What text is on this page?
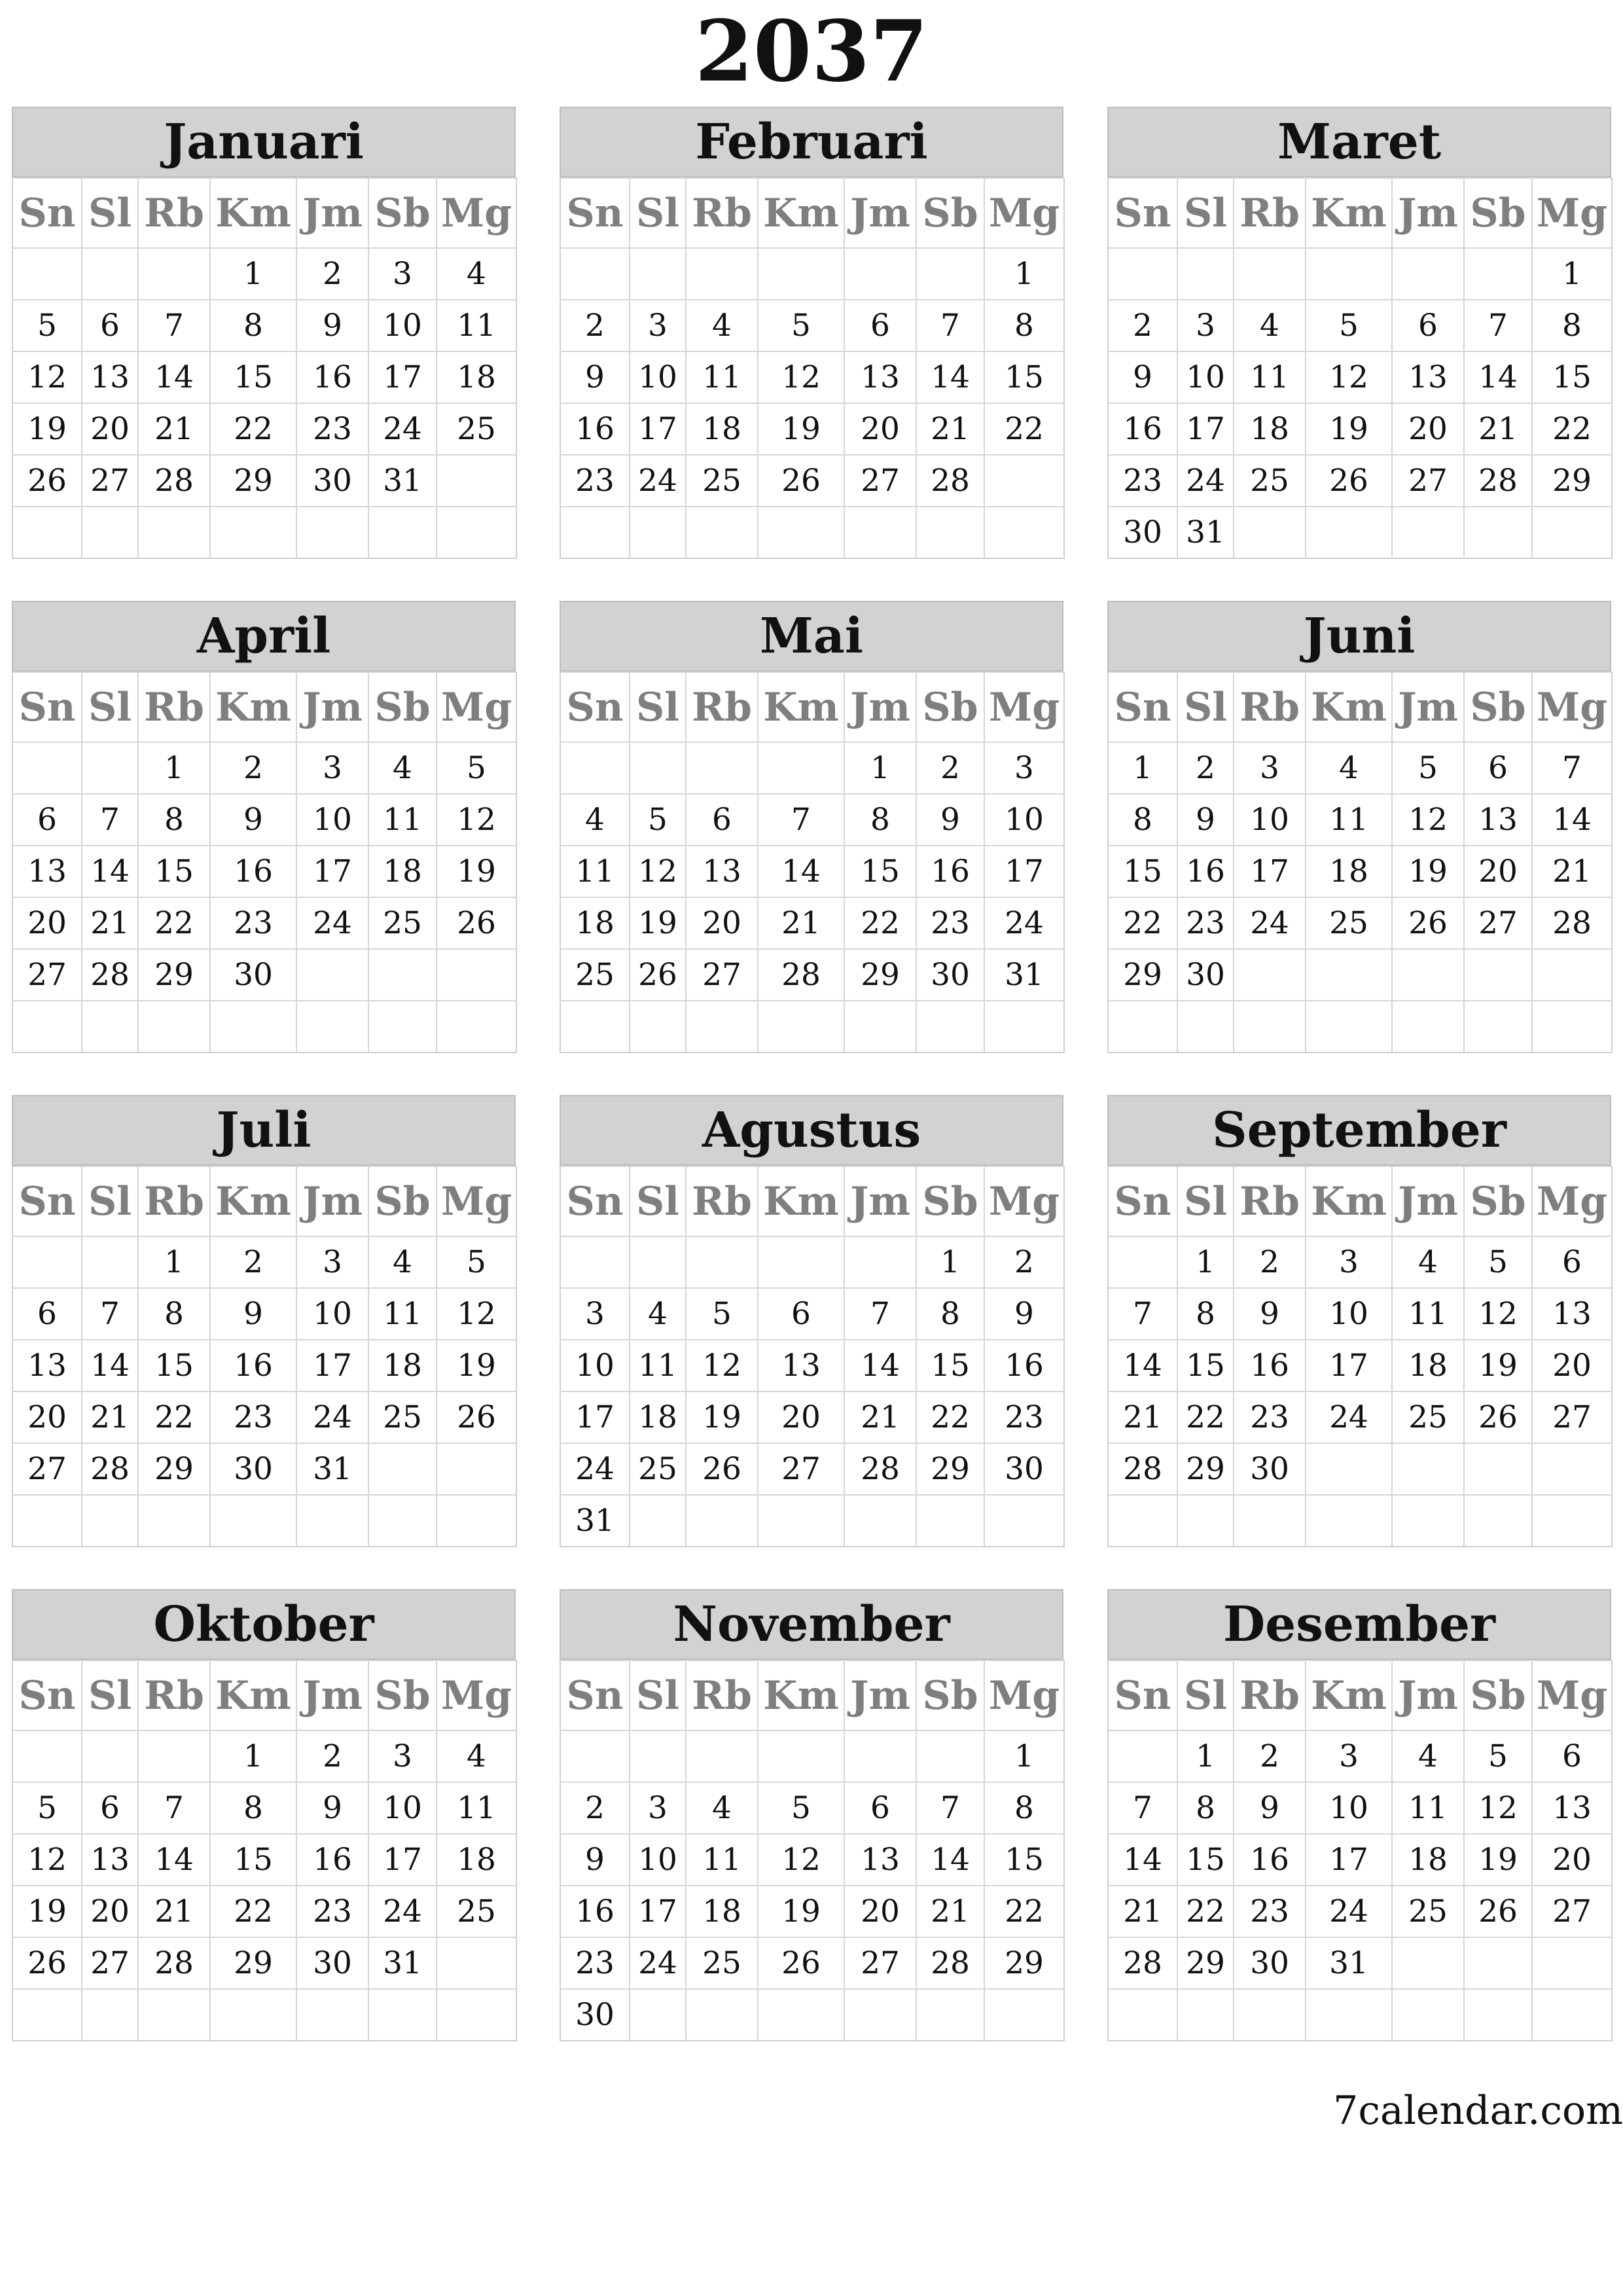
2037
Januari
Sn	Sl	Rb	Km	Jm	Sb	Mg
			1	2	3	4
5	6	7	8	9	10	11
12	13	14	15	16	17	18
19	20	21	22	23	24	25
26	27	28	29	30	31	

Februari
Sn	Sl	Rb	Km	Jm	Sb	Mg
						1
2	3	4	5	6	7	8
9	10	11	12	13	14	15
16	17	18	19	20	21	22
23	24	25	26	27	28	

Maret
Sn	Sl	Rb	Km	Jm	Sb	Mg
						1
2	3	4	5	6	7	8
9	10	11	12	13	14	15
16	17	18	19	20	21	22
23	24	25	26	27	28	29
30	31					
April
Sn	Sl	Rb	Km	Jm	Sb	Mg
		1	2	3	4	5
6	7	8	9	10	11	12
13	14	15	16	17	18	19
20	21	22	23	24	25	26
27	28	29	30			

Mai
Sn	Sl	Rb	Km	Jm	Sb	Mg
				1	2	3
4	5	6	7	8	9	10
11	12	13	14	15	16	17
18	19	20	21	22	23	24
25	26	27	28	29	30	31

Juni
Sn	Sl	Rb	Km	Jm	Sb	Mg
1	2	3	4	5	6	7
8	9	10	11	12	13	14
15	16	17	18	19	20	21
22	23	24	25	26	27	28
29	30					

Juli
Sn	Sl	Rb	Km	Jm	Sb	Mg
		1	2	3	4	5
6	7	8	9	10	11	12
13	14	15	16	17	18	19
20	21	22	23	24	25	26
27	28	29	30	31		

Agustus
Sn	Sl	Rb	Km	Jm	Sb	Mg
					1	2
3	4	5	6	7	8	9
10	11	12	13	14	15	16
17	18	19	20	21	22	23
24	25	26	27	28	29	30
31						
September
Sn	Sl	Rb	Km	Jm	Sb	Mg
	1	2	3	4	5	6
7	8	9	10	11	12	13
14	15	16	17	18	19	20
21	22	23	24	25	26	27
28	29	30				

Oktober
Sn	Sl	Rb	Km	Jm	Sb	Mg
			1	2	3	4
5	6	7	8	9	10	11
12	13	14	15	16	17	18
19	20	21	22	23	24	25
26	27	28	29	30	31	

November
Sn	Sl	Rb	Km	Jm	Sb	Mg
						1
2	3	4	5	6	7	8
9	10	11	12	13	14	15
16	17	18	19	20	21	22
23	24	25	26	27	28	29
30						
Desember
Sn	Sl	Rb	Km	Jm	Sb	Mg
	1	2	3	4	5	6
7	8	9	10	11	12	13
14	15	16	17	18	19	20
21	22	23	24	25	26	27
28	29	30	31			

7calendar.com
